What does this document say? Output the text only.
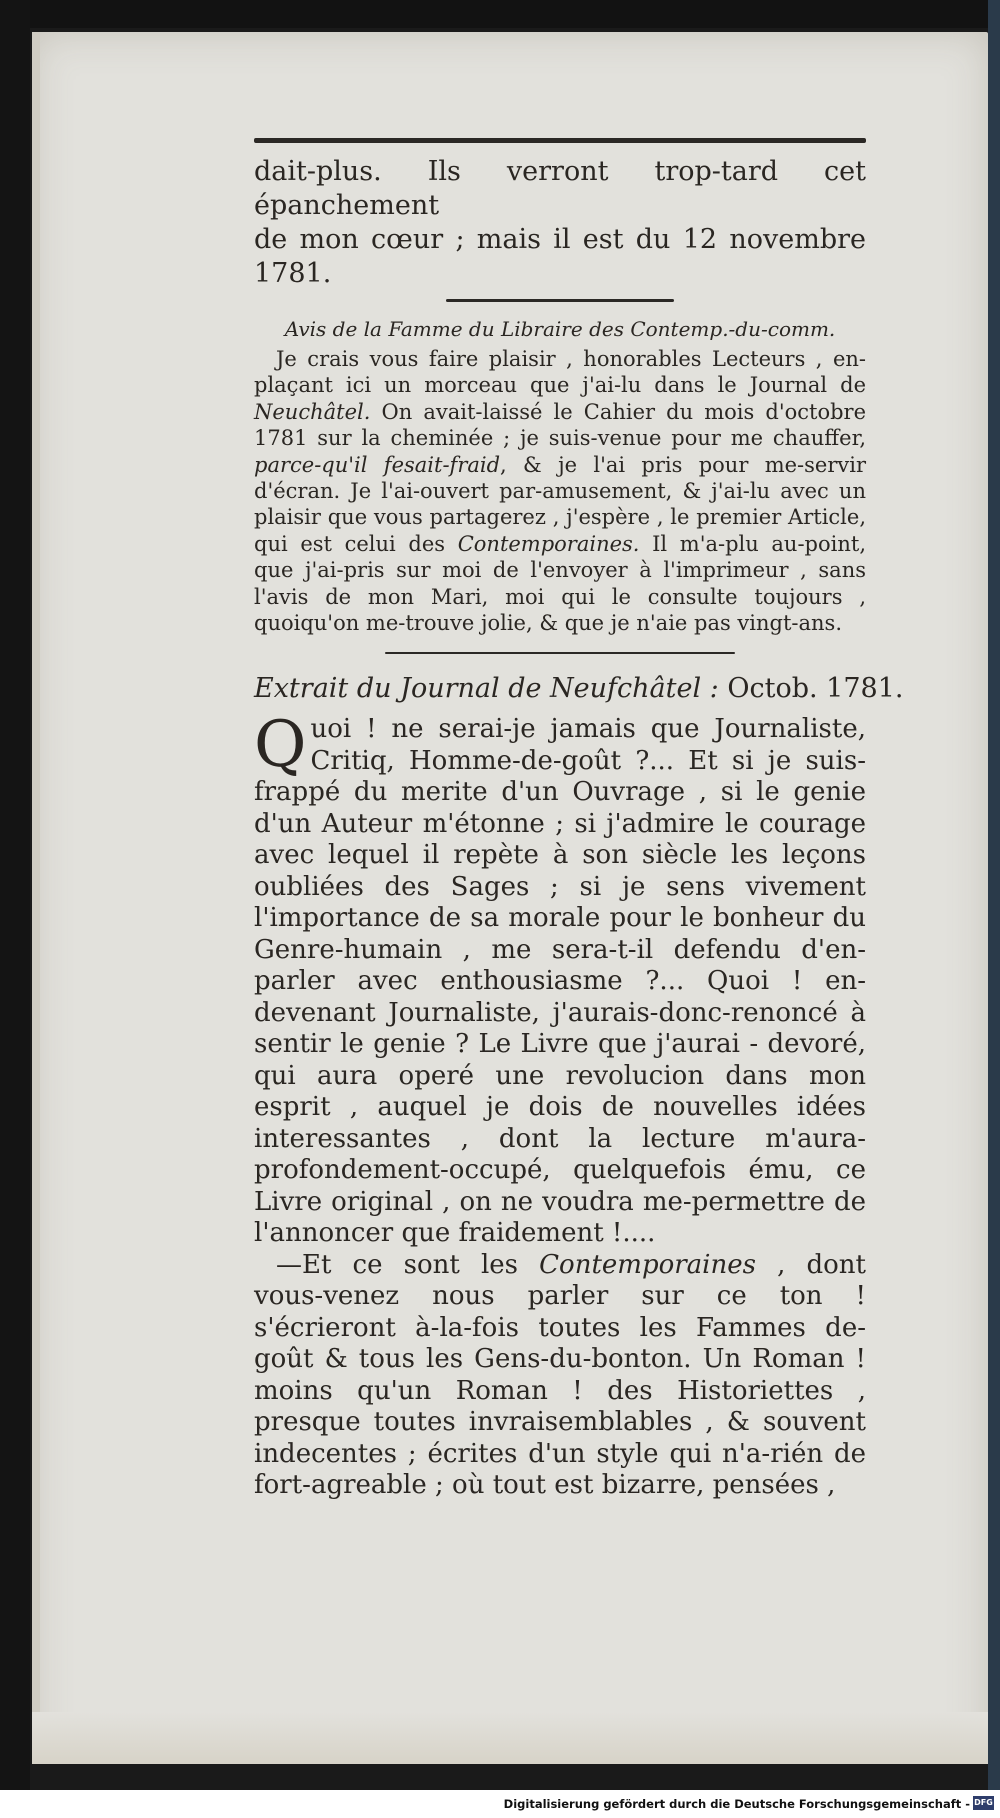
dait-plus. Ils verront trop-tard cet épanchement

de mon cœur ; mais il est du 12 novembre 1781.

Avis de la Famme du Libraire des Contemp.-du-comm.

Je crais vous faire plaisir , honorables Lecteurs , en-plaçant ici un morceau que j'ai-lu dans le Journal de Neuchâtel. On avait-laissé le Cahier du mois d'octobre 1781 sur la cheminée ; je suis-venue pour me chauffer, parce-qu'il fesait-fraid, & je l'ai pris pour me-servir d'écran. Je l'ai-ouvert par-amusement, & j'ai-lu avec un plaisir que vous partagerez , j'espère , le premier Article, qui est celui des Contemporaines. Il m'a-plu au-point, que j'ai-pris sur moi de l'envoyer à l'imprimeur , sans l'avis de mon Mari, moi qui le consulte toujours , quoiqu'on me-trouve jolie, & que je n'aie pas vingt-ans.

Extrait du Journal de Neufchâtel : Octob. 1781.

Quoi ! ne serai-je jamais que Journaliste, Critiq, Homme-de-goût ?... Et si je suis-frappé du merite d'un Ouvrage , si le genie d'un Auteur m'étonne ; si j'admire le courage avec lequel il repète à son siècle les leçons oubliées des Sages ; si je sens vivement l'importance de sa morale pour le bonheur du Genre-humain , me sera-t-il defendu d'en-parler avec enthousiasme ?... Quoi ! en-devenant Journaliste, j'aurais-donc-renoncé à sentir le genie ? Le Livre que j'aurai - devoré, qui aura operé une revolucion dans mon esprit , auquel je dois de nouvelles idées interessantes , dont la lecture m'aura-profondement-occupé, quelquefois ému, ce Livre original , on ne voudra me-permettre de l'annoncer que fraidement !....

—Et ce sont les Contemporaines , dont vous-venez nous parler sur ce ton ! s'écrieront à-la-fois toutes les Fammes de-goût & tous les Gens-du-bonton. Un Roman ! moins qu'un Roman ! des Historiettes , presque toutes invraisemblables , & souvent indecentes ; écrites d'un style qui n'a-rién de fort-agreable ; où tout est bizarre, pensées ,

Digitalisierung gefördert durch die Deutsche Forschungsgemeinschaft - DFG
